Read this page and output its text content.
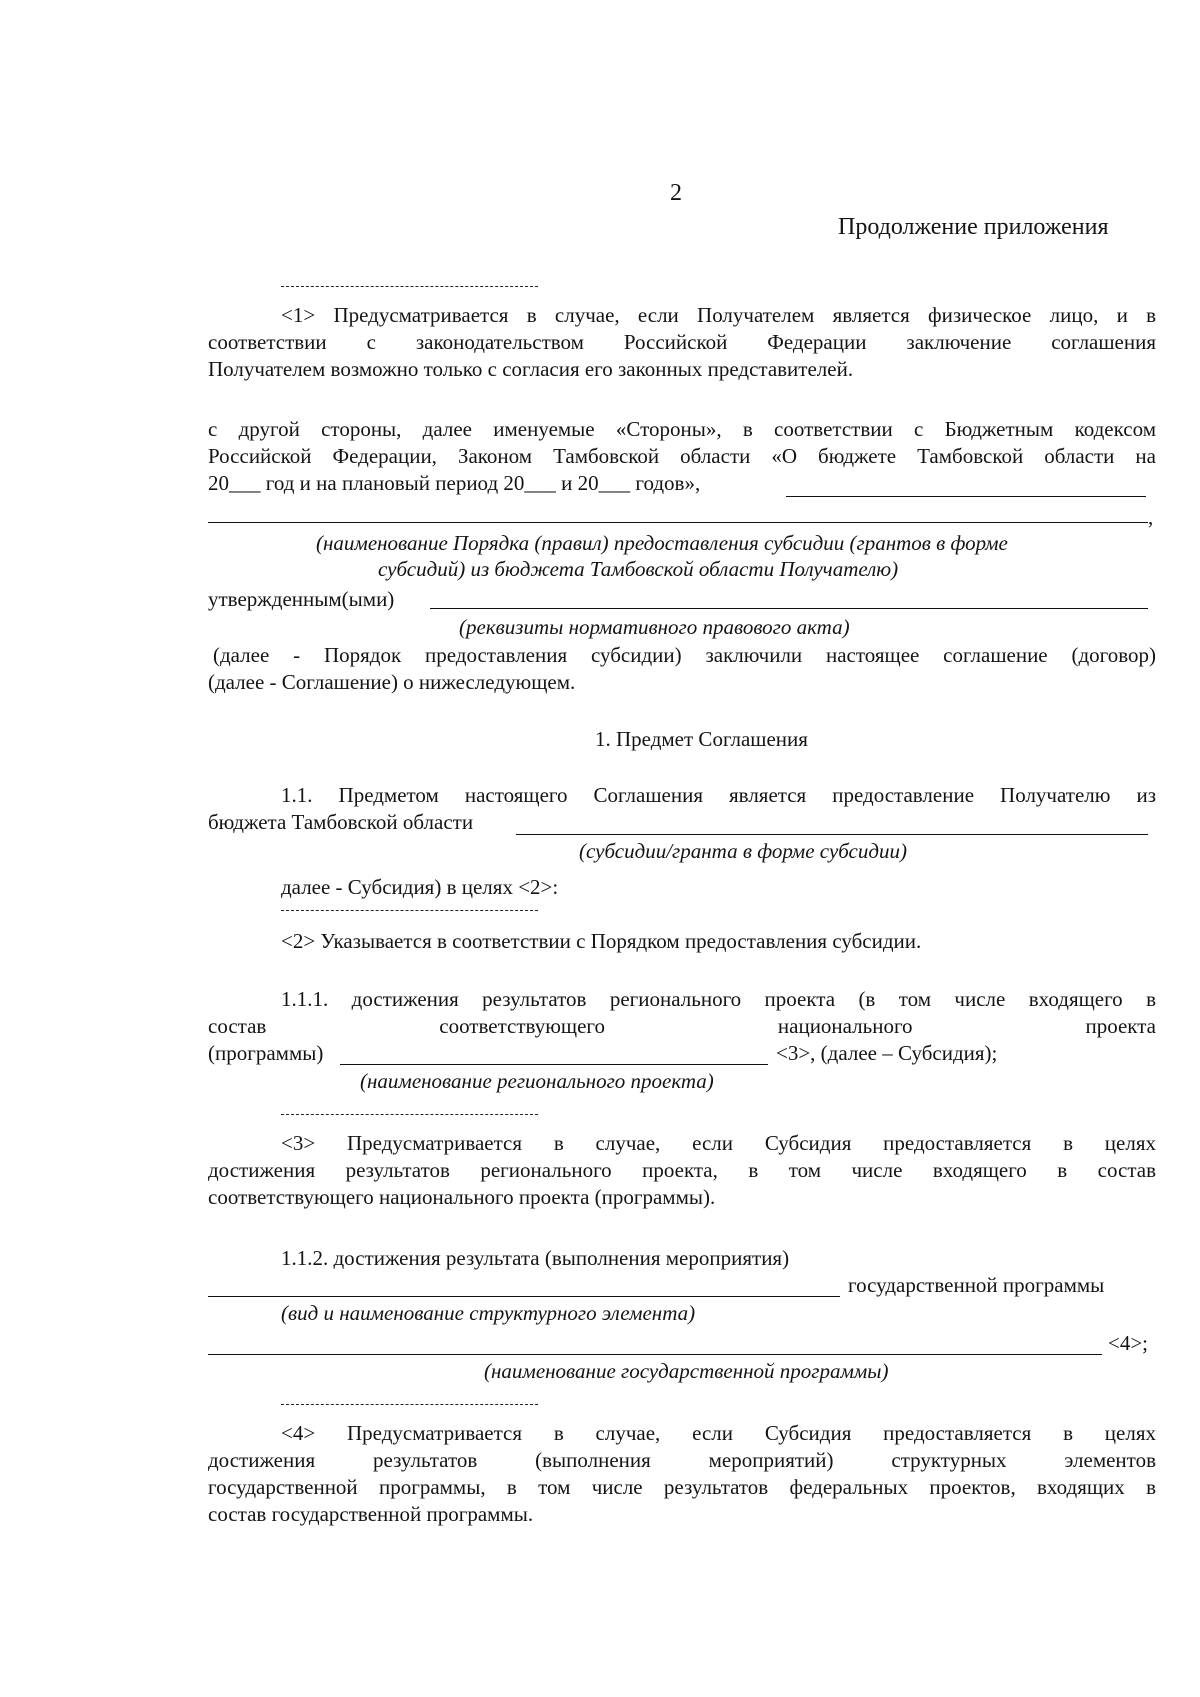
2
Продолжение приложения
<1> Предусматривается в случае, если Получателем является физическое лицо, и в
соответствии с законодательством Российской Федерации заключение соглашения
Получателем возможно только с согласия его законных представителей.
с другой стороны, далее именуемые «Стороны», в соответствии с Бюджетным кодексом
Российской Федерации, Законом Тамбовской области «О бюджете Тамбовской области на
20___ год и на плановый период 20___ и 20___ годов»,
,
(наименование Порядка (правил) предоставления субсидии (грантов в форме
субсидий) из бюджета Тамбовской области Получателю)
утвержденным(ыми)
(реквизиты нормативного правового акта)
(далее - Порядок предоставления субсидии) заключили настоящее соглашение (договор)
(далее - Соглашение) о нижеследующем.
1. Предмет Соглашения
1.1. Предметом настоящего Соглашения является предоставление Получателю из
бюджета Тамбовской области
(субсидии/гранта в форме субсидии)
далее - Субсидия) в целях <2>:
<2> Указывается в соответствии с Порядком предоставления субсидии.
1.1.1. достижения результатов регионального проекта (в том числе входящего в
состав	соответствующего	национального	проекта
(программы)	<3>, (далее – Субсидия);
(наименование регионального проекта)
<3> Предусматривается в случае, если Субсидия предоставляется в целях
достижения результатов регионального проекта, в том числе входящего в состав
соответствующего национального проекта (программы).
1.1.2. достижения результата (выполнения мероприятия)
государственной программы
(вид и наименование структурного элемента)
<4>;
(наименование государственной программы)
<4> Предусматривается в случае, если Субсидия предоставляется в целях
достижения результатов (выполнения мероприятий) структурных элементов
государственной программы, в том числе результатов федеральных проектов, входящих в
состав государственной программы.
